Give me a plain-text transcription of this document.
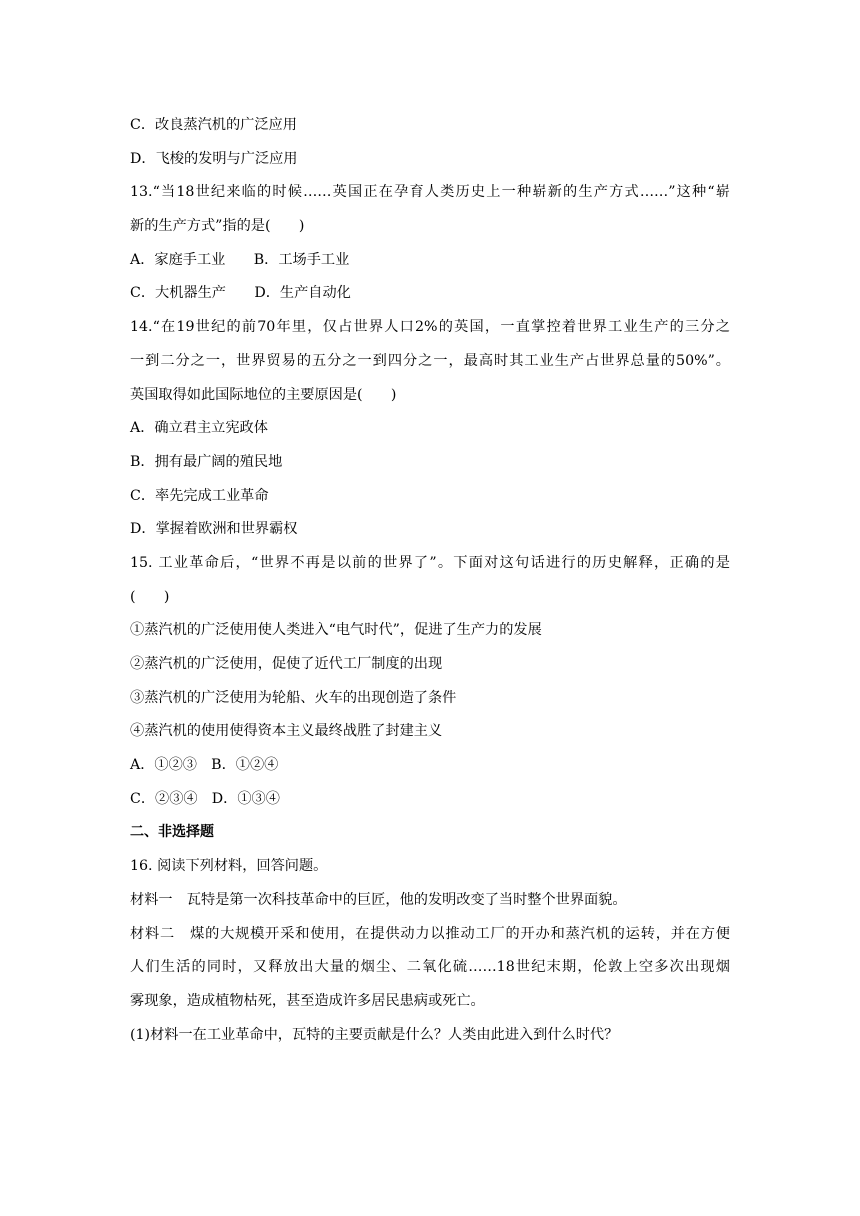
C．改良蒸汽机的广泛应用
D．飞梭的发明与广泛应用
13.“当18世纪来临的时候……英国正在孕育人类历史上一种崭新的生产方式……”这种“崭
新的生产方式”指的是(　　)
A．家庭手工业　　B．工场手工业
C．大机器生产　　D．生产自动化
14.“在19世纪的前70年里，仅占世界人口2%的英国，一直掌控着世界工业生产的三分之
一到二分之一，世界贸易的五分之一到四分之一，最高时其工业生产占世界总量的50%”。
英国取得如此国际地位的主要原因是(　　)
A．确立君主立宪政体
B．拥有最广阔的殖民地
C．率先完成工业革命
D．掌握着欧洲和世界霸权
15. 工业革命后，“世界不再是以前的世界了”。下面对这句话进行的历史解释，正确的是
(　　)
①蒸汽机的广泛使用使人类进入“电气时代”，促进了生产力的发展
②蒸汽机的广泛使用，促使了近代工厂制度的出现
③蒸汽机的广泛使用为轮船、火车的出现创造了条件
④蒸汽机的使用使得资本主义最终战胜了封建主义
A．①②③　B．①②④
C．②③④　D．①③④
二、非选择题
16. 阅读下列材料，回答问题。
材料一　瓦特是第一次科技革命中的巨匠，他的发明改变了当时整个世界面貌。
材料二　煤的大规模开采和使用，在提供动力以推动工厂的开办和蒸汽机的运转，并在方便
人们生活的同时，又释放出大量的烟尘、二氧化硫……18世纪末期，伦敦上空多次出现烟
雾现象，造成植物枯死，甚至造成许多居民患病或死亡。
(1)材料一在工业革命中，瓦特的主要贡献是什么？人类由此进入到什么时代？
